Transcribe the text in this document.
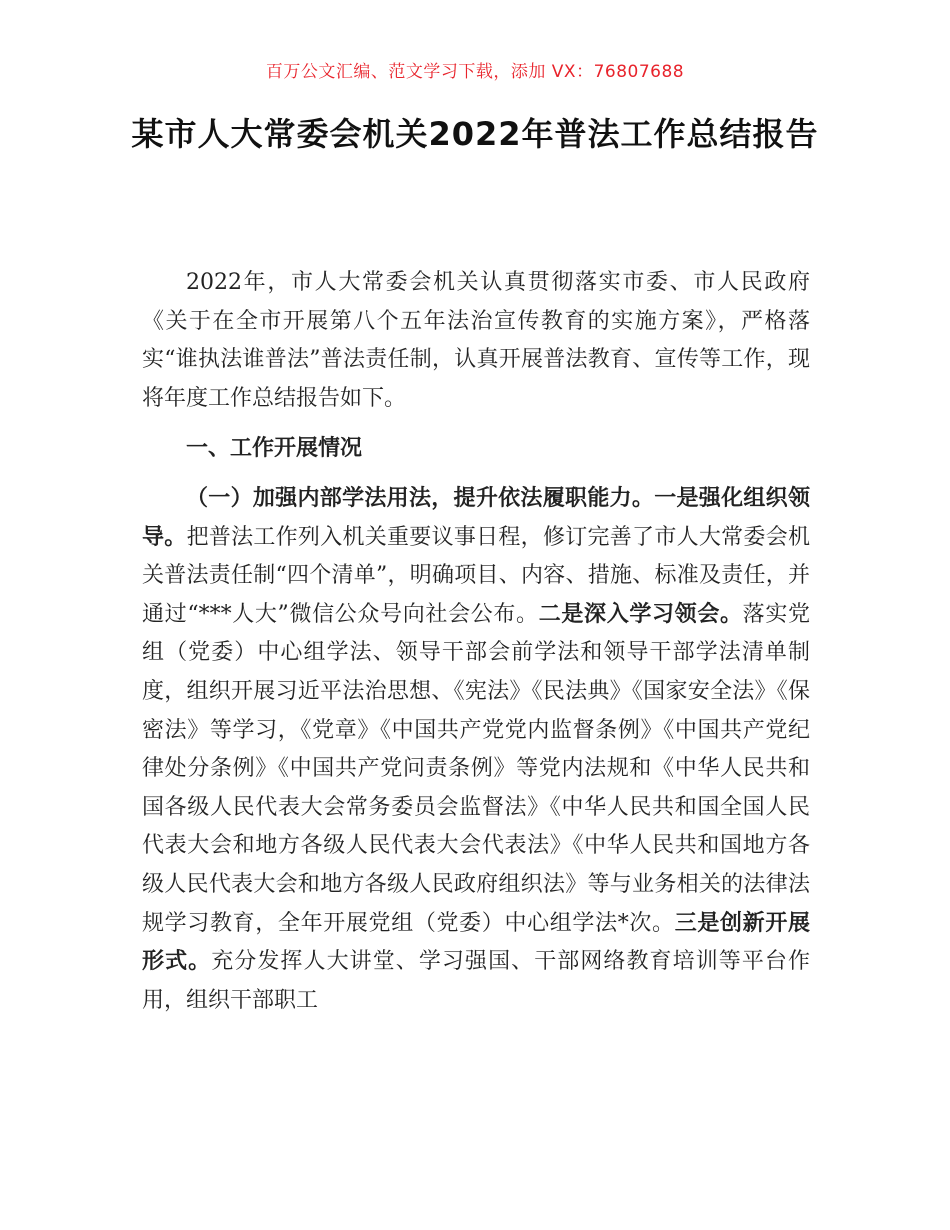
百万公文汇编、范文学习下载，添加 VX：76807688
某市人大常委会机关2022年普法工作总结报告

2022年，市人大常委会机关认真贯彻落实市委、市人民政府《关于在全市开展第八个五年法治宣传教育的实施方案》，严格落实“谁执法谁普法”普法责任制，认真开展普法教育、宣传等工作，现将年度工作总结报告如下。

一、工作开展情况

（一）加强内部学法用法，提升依法履职能力。一是强化组织领导。把普法工作列入机关重要议事日程，修订完善了市人大常委会机关普法责任制“四个清单”，明确项目、内容、措施、标准及责任，并通过“***人大”微信公众号向社会公布。二是深入学习领会。落实党组（党委）中心组学法、领导干部会前学法和领导干部学法清单制度，组织开展习近平法治思想、《宪法》《民法典》《国家安全法》《保密法》等学习，《党章》《中国共产党党内监督条例》《中国共产党纪律处分条例》《中国共产党问责条例》等党内法规和《中华人民共和国各级人民代表大会常务委员会监督法》《中华人民共和国全国人民代表大会和地方各级人民代表大会代表法》《中华人民共和国地方各级人民代表大会和地方各级人民政府组织法》等与业务相关的法律法规学习教育，全年开展党组（党委）中心组学法*次。三是创新开展形式。充分发挥人大讲堂、学习强国、干部网络教育培训等平台作用，组织干部职工
